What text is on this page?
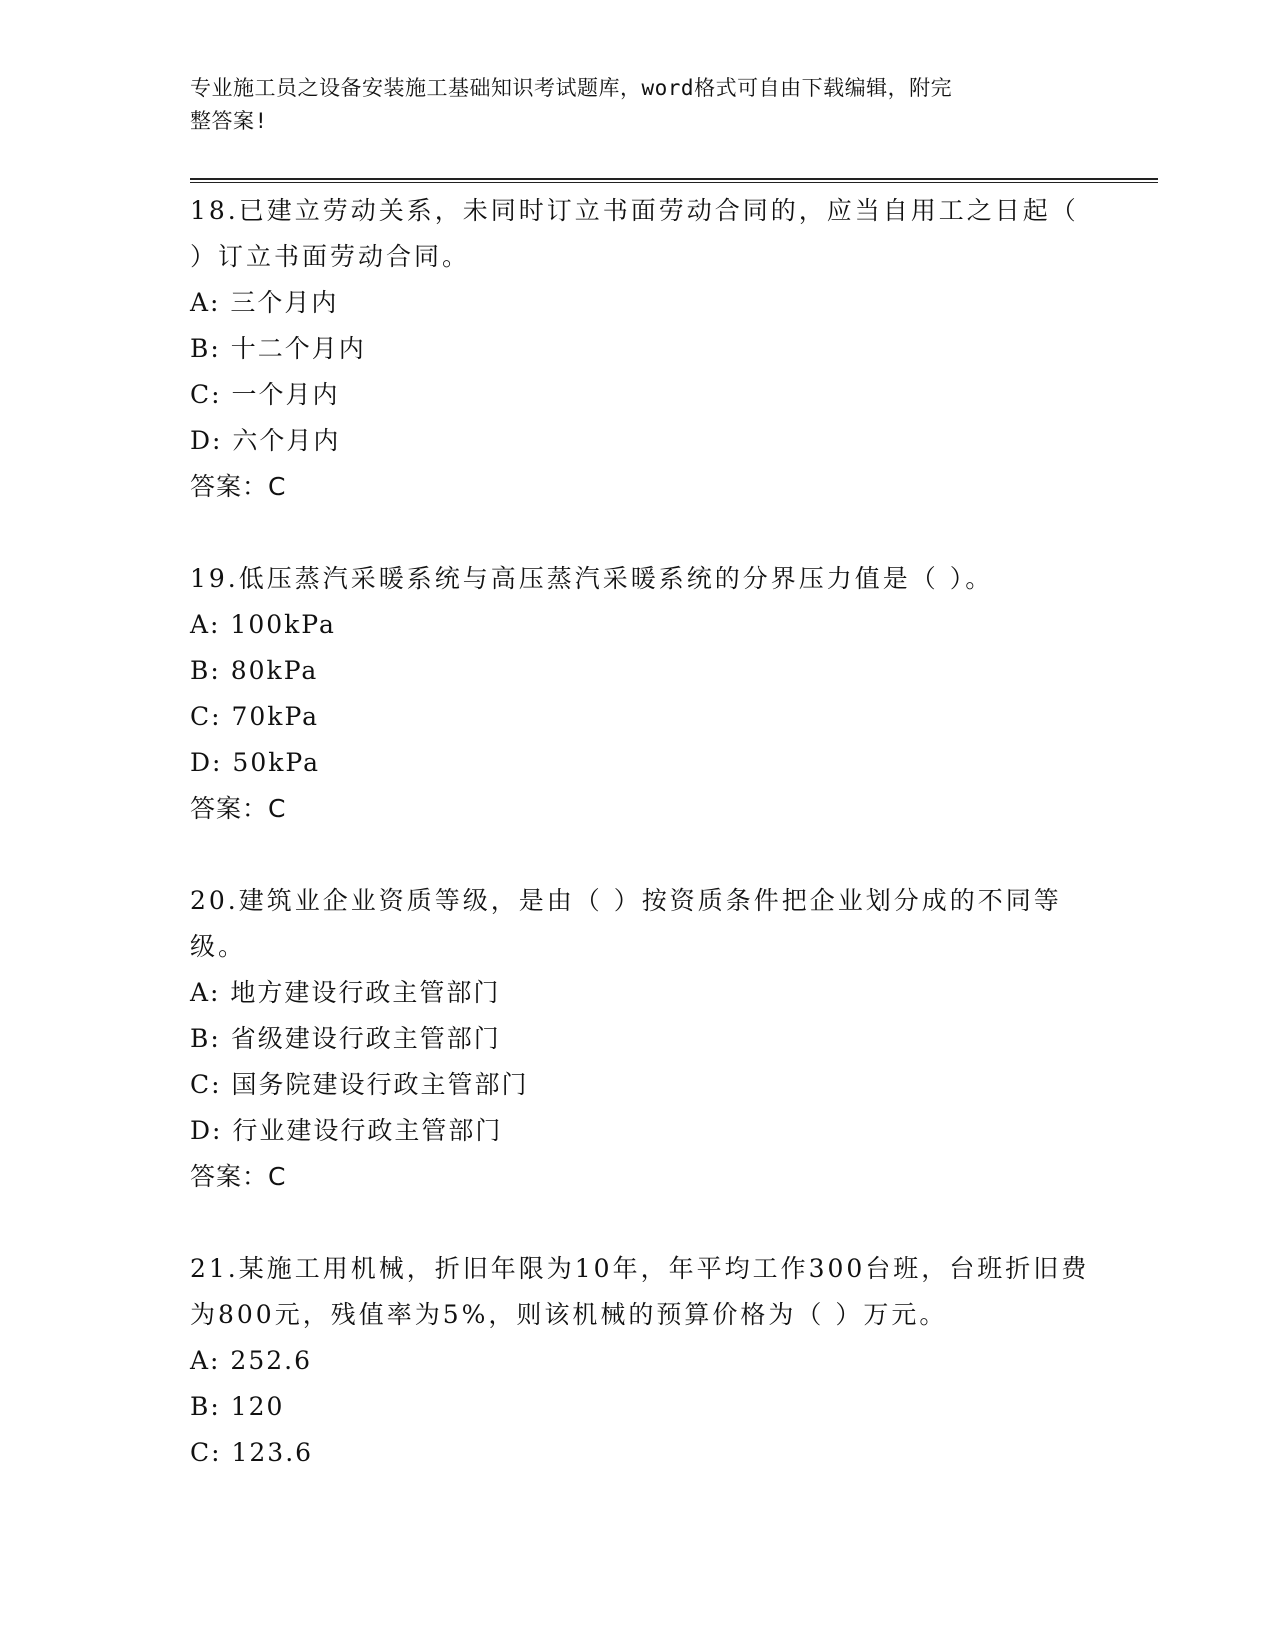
专业施工员之设备安装施工基础知识考试题库，word格式可自由下载编辑，附完
整答案!

18.已建立劳动关系，未同时订立书面劳动合同的，应当自用工之日起（ ）订立书面劳动合同。

A: 三个月内

B: 十二个月内

C: 一个月内

D: 六个月内

答案：C

19.低压蒸汽采暖系统与高压蒸汽采暖系统的分界压力值是（ ）。

A: 100kPa

B: 80kPa

C: 70kPa

D: 50kPa

答案：C

20.建筑业企业资质等级，是由（ ）按资质条件把企业划分成的不同等级。

A: 地方建设行政主管部门

B: 省级建设行政主管部门

C: 国务院建设行政主管部门

D: 行业建设行政主管部门

答案：C

21.某施工用机械，折旧年限为10年，年平均工作300台班，台班折旧费为800元，残值率为5%，则该机械的预算价格为（ ）万元。

A: 252.6

B: 120

C: 123.6
